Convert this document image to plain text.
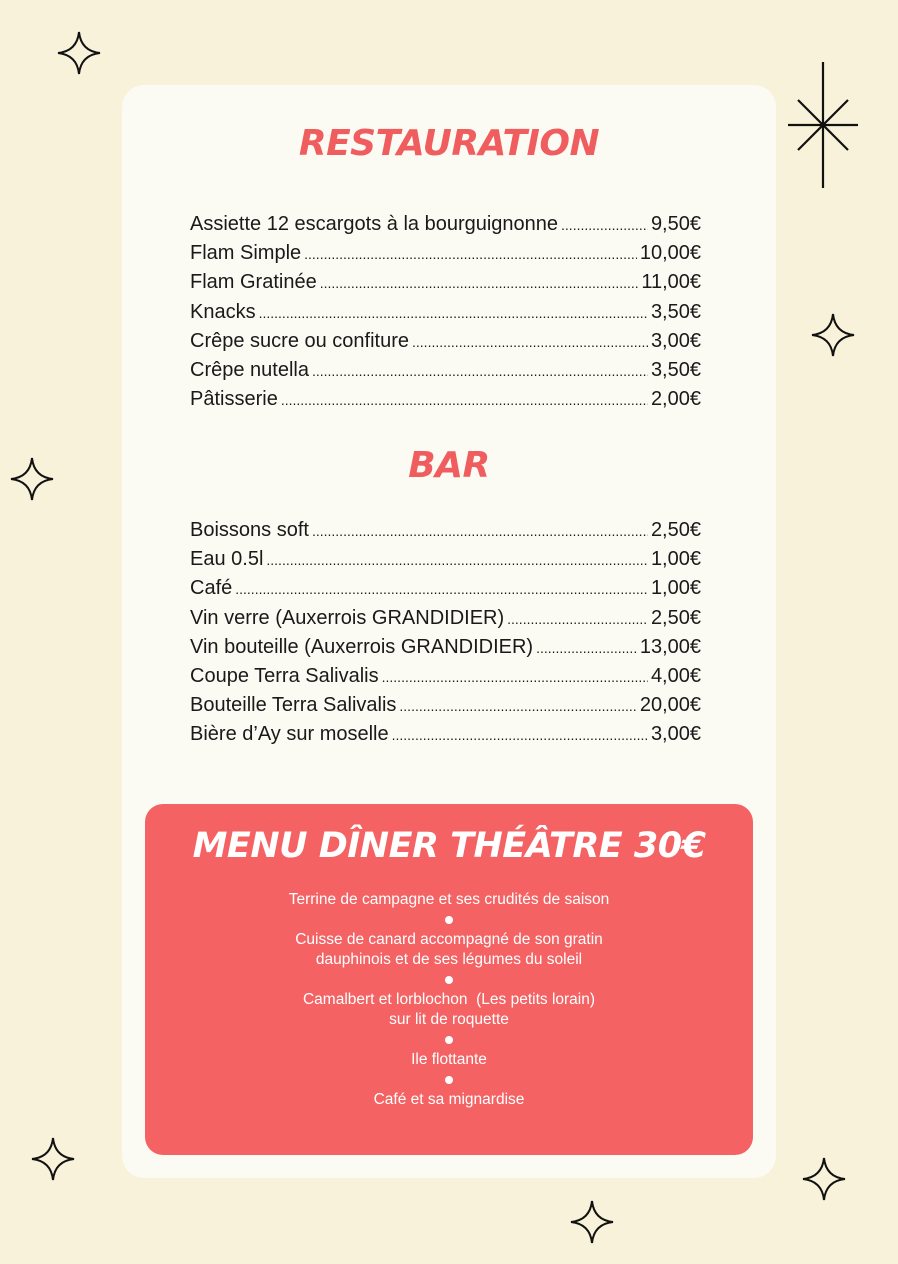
RESTAURATION
Assiette 12 escargots à la bourguignonne .....	9,50€
Flam Simple .....	10,00€
Flam Gratinée .....	11,00€
Knacks .....	3,50€
Crêpe sucre ou confiture .....	3,00€
Crêpe nutella .....	3,50€
Pâtisserie .....	2,00€
BAR
Boissons soft .....	2,50€
Eau 0.5l .....	1,00€
Café .....	1,00€
Vin verre (Auxerrois GRANDIDIER) .....	2,50€
Vin bouteille (Auxerrois GRANDIDIER) .....	13,00€
Coupe Terra Salivalis .....	4,00€
Bouteille Terra Salivalis .....	20,00€
Bière d’Ay sur moselle .....	3,00€
MENU DÎNER THÉÂTRE 30€
Terrine de campagne et ses crudités de saison
Cuisse de canard accompagné de son gratin
dauphinois et de ses légumes du soleil
Camalbert et lorblochon  (Les petits lorain)
sur lit de roquette
Ile flottante
Café et sa mignardise
